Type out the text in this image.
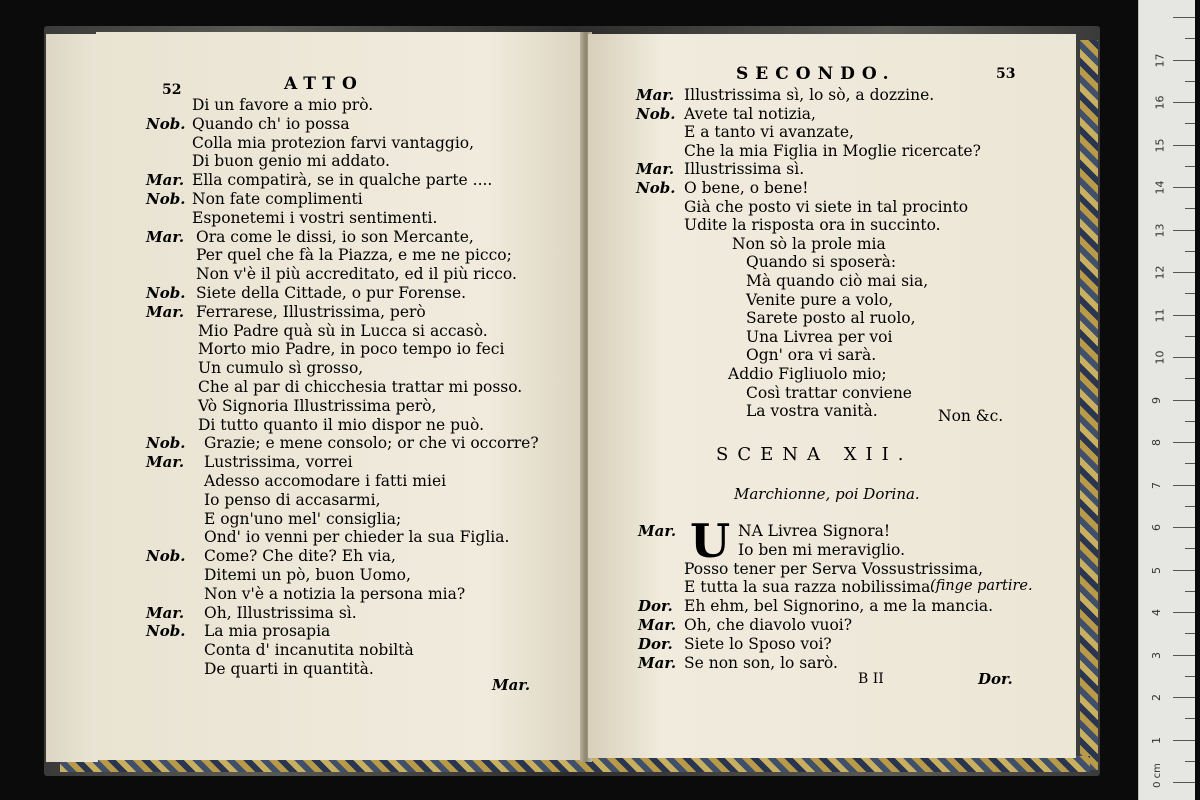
52	ATTO
Di un favore a mio prò.
Nob. Quando ch' io possa
Colla mia protezion farvi vantaggio,
Di buon genio mi addato.
Mar. Ella compatirà, se in qualche parte ....
Nob. Non fate complimenti
Esponetemi i vostri sentimenti.
Mar. Ora come le dissi, io son Mercante,
Per quel che fà la Piazza, e me ne picco;
Non v'è il più accreditato, ed il più ricco.
Nob. Siete della Cittade, o pur Forense.
Mar. Ferrarese, Illustrissima, però
Mio Padre quà sù in Lucca si accasò.
Morto mio Padre, in poco tempo io feci
Un cumulo sì grosso,
Che al par di chicchesia trattar mi posso.
Vò Signoria Illustrissima però,
Di tutto quanto il mio dispor ne può.
Nob. Grazie; e mene consolo; or che vi occorre?
Mar. Lustrissima, vorrei
Adesso accomodare i fatti miei
Io penso di accasarmi,
E ogn'uno mel' consiglia;
Ond' io venni per chieder la sua Figlia.
Nob. Come? Che dite? Eh via,
Ditemi un pò, buon Uomo,
Non v'è a notizia la persona mia?
Mar. Oh, Illustrissima sì.
Nob. La mia prosapia
Conta d' incanutita nobiltà
De quarti in quantità.
Mar.
SECONDO.	53
Mar. Illustrissima sì, lo sò, a dozzine.
Nob. Avete tal notizia,
E a tanto vi avanzate,
Che la mia Figlia in Moglie ricercate?
Mar. Illustrissima sì.
Nob. O bene, o bene!
Già che posto vi siete in tal procinto
Udite la risposta ora in succinto.
Non sò la prole mia
Quando si sposerà:
Mà quando ciò mai sia,
Venite pure a volo,
Sarete posto al ruolo,
Una Livrea per voi
Ogn' ora vi sarà.
Addio Figliuolo mio;
Così trattar conviene
La vostra vanità.	Non &c.
SCENA XII.
Marchionne, poi Dorina.
U
Mar.	NA Livrea Signora!
Io ben mi meraviglio.
Posso tener per Serva Vossustrissima,
E tutta la sua razza nobilissima.
Dor. Eh ehm, bel Signorino, a me la mancia.
Mar. Oh, che diavolo vuoi?
Dor. Siete lo Sposo voi?
Mar. Se non son, lo sarò.
(finge partire.
B II	Dor.
0 cm
1
2
3
4
5
6
7
8
9
10
11
12
13
14
15
16
17
